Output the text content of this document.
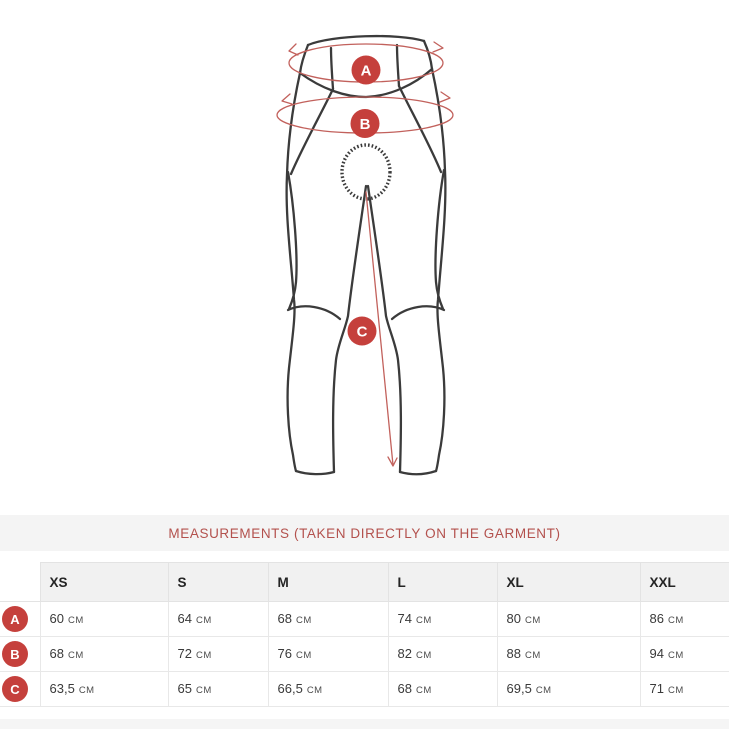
A
B
C
MEASUREMENTS (TAKEN DIRECTLY ON THE GARMENT)
	XS	S	M	L	XL	XXL

A	60 CM	64 CM	68 CM	74 CM	80 CM	86 CM

B	68 CM	72 CM	76 CM	82 CM	88 CM	94 CM

C	63,5 CM	65 CM	66,5 CM	68 CM	69,5 CM	71 CM
